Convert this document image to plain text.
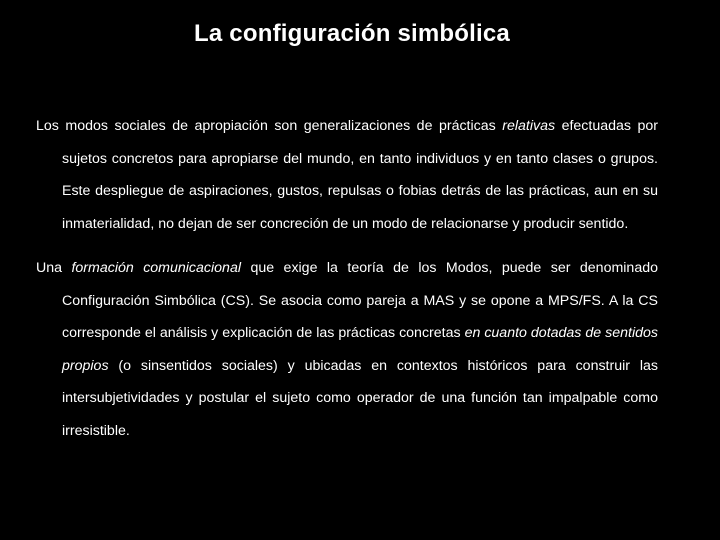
La configuración simbólica

Los modos sociales de apropiación son generalizaciones de prácticas relativas efectuadas por sujetos concretos para apropiarse del mundo, en tanto individuos y en tanto clases o grupos. Este despliegue de aspiraciones, gustos, repulsas o fobias detrás de las prácticas, aun en su inmaterialidad, no dejan de ser concreción de un modo de relacionarse y producir sentido.

Una formación comunicacional que exige la teoría de los Modos, puede ser denominado Configuración Simbólica (CS). Se asocia como pareja a MAS y se opone a MPS/FS. A la CS corresponde el análisis y explicación de las prácticas concretas en cuanto dotadas de sentidos propios (o sinsentidos sociales) y ubicadas en contextos históricos para construir las intersubjetividades y postular el sujeto como operador de una función tan impalpable como irresistible.
